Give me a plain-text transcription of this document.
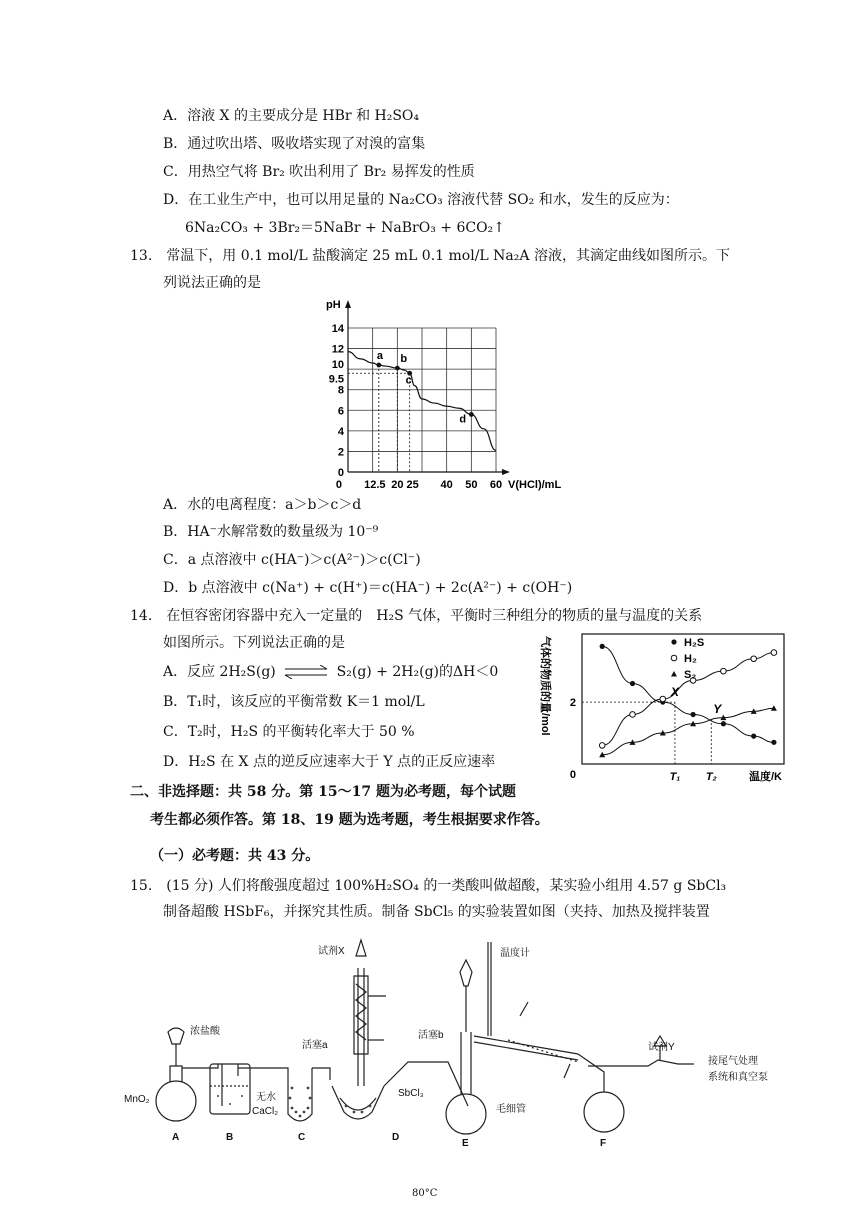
A．溶液 X 的主要成分是 HBr 和 H₂SO₄
B．通过吹出塔、吸收塔实现了对溴的富集
C．用热空气将 Br₂ 吹出利用了 Br₂ 易挥发的性质
D．在工业生产中，也可以用足量的 Na₂CO₃ 溶液代替 SO₂ 和水，发生的反应为：
6Na₂CO₃ + 3Br₂＝5NaBr + NaBrO₃ + 6CO₂↑
13.　常温下，用 0.1 mol/L 盐酸滴定 25 mL 0.1 mol/L Na₂A 溶液，其滴定曲线如图所示。下
列说法正确的是
pH
V(HCl)/mL
0
2
4
6
8
9.5
10
12
14
12.5 20 25 40 50 60
0
a b
c
d
A．水的电离程度：a＞b＞c＞d
B．HA⁻水解常数的数量级为 10⁻⁹
C．a 点溶液中 c(HA⁻)＞c(A²⁻)＞c(Cl⁻)
D．b 点溶液中 c(Na⁺) + c(H⁺)＝c(HA⁻) + 2c(A²⁻) + c(OH⁻)
14.　在恒容密闭容器中充入一定量的　H₂S 气体，平衡时三种组分的物质的量与温度的关系
如图所示。下列说法正确的是
A．反应 2H₂S(g) ⇌ S₂(g) + 2H₂(g)的ΔH＜0
B．T₁时，该反应的平衡常数 K＝1 mol/L
C．T₂时，H₂S 的平衡转化率大于 50 %
D．H₂S 在 X 点的逆反应速率大于 Y 点的正反应速率
2
0	T₁ T₂	温度/K
气体的物质的量/mol	X
Y
H₂S
H₂
S₂
二、非选择题：共 58 分。第 15～17 题为必考题，每个试题
考生都必须作答。第 18、19 题为选考题，考生根据要求作答。
（一）必考题：共 43 分。
15.　(15 分) 人们将酸强度超过 100%H₂SO₄ 的一类酸叫做超酸，某实验小组用 4.57 g SbCl₃
制备超酸 HSbF₆，并探究其性质。制备 SbCl₅ 的实验装置如图（夹持、加热及搅拌装置
试剂X
浓盐酸
MnO₂
活塞a
活塞b
温度计
无水
CaCl₂
SbCl₃
毛细管
试剂Y
接尾气处理
系统和真空泵
A	B	C	D
E	F
80°C
